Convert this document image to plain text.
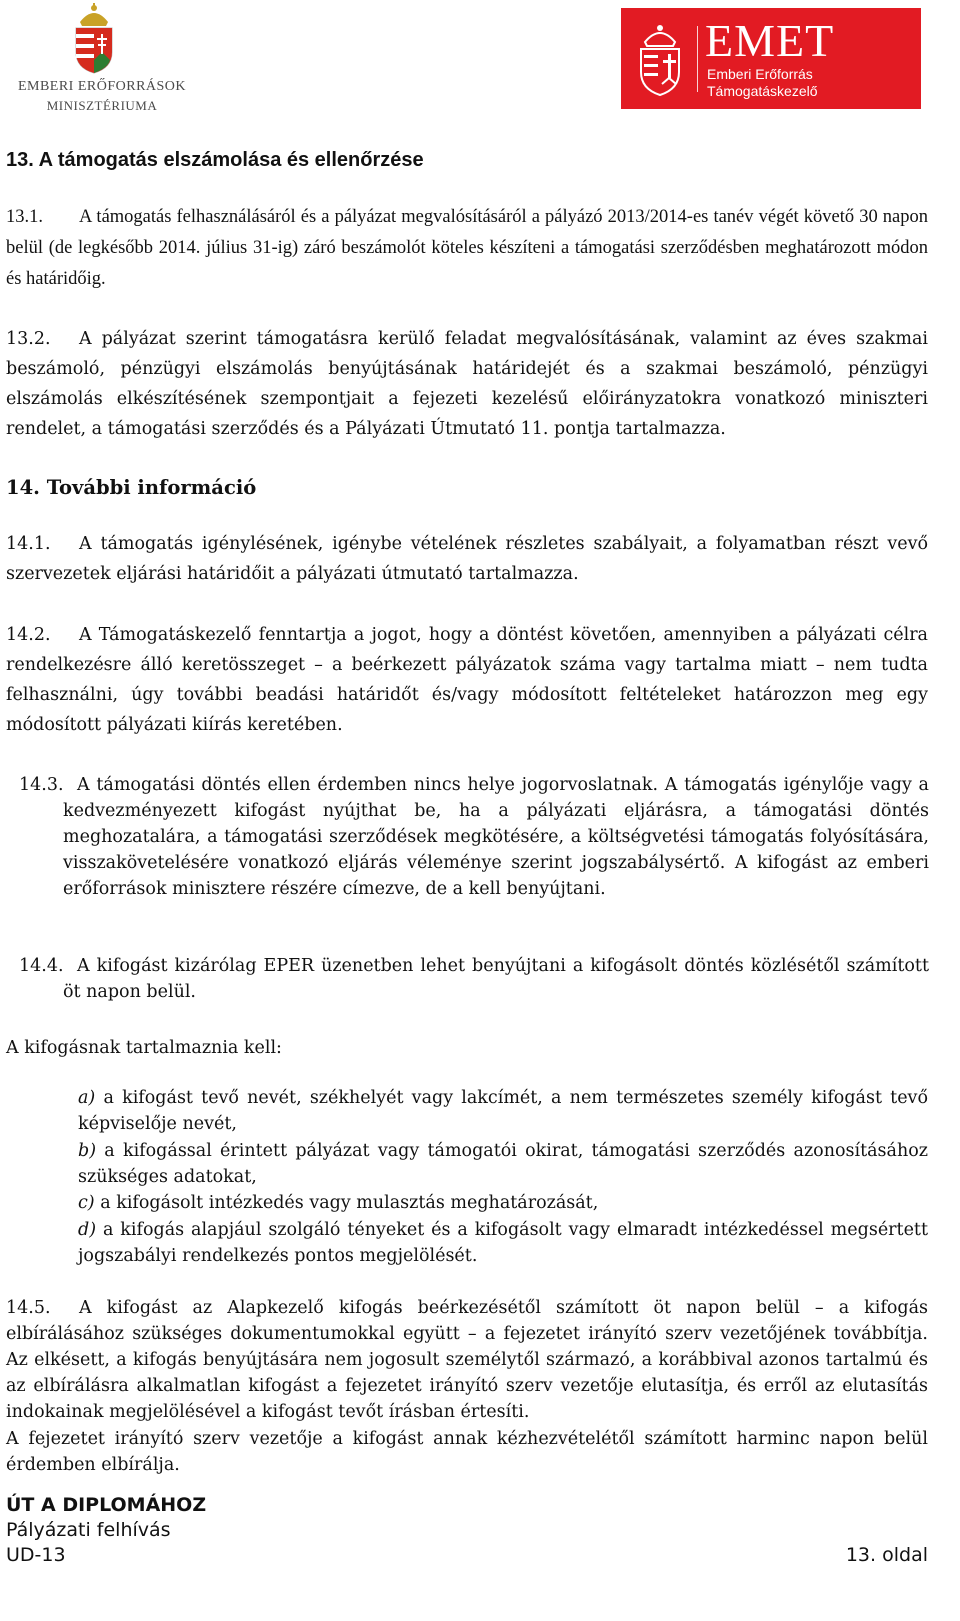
EMBERI ERŐFORRÁSOK
MINISZTÉRIUMA
EMET
Emberi Erőforrás
Támogatáskezelő
13. A támogatás elszámolása és ellenőrzése
13.1. A támogatás felhasználásáról és a pályázat megvalósításáról a pályázó 2013/2014-es tanév végét követő 30 napon belül (de legkésőbb 2014. július 31-ig) záró beszámolót köteles készíteni a támogatási szerződésben meghatározott módon és határidőig.
13.2. A pályázat szerint támogatásra kerülő feladat megvalósításának, valamint az éves szakmai beszámoló, pénzügyi elszámolás benyújtásának határidejét és a szakmai beszámoló, pénzügyi elszámolás elkészítésének szempontjait a fejezeti kezelésű előirányzatokra vonatkozó miniszteri rendelet, a támogatási szerződés és a Pályázati Útmutató 11. pontja tartalmazza.
14. További információ
14.1. A támogatás igénylésének, igénybe vételének részletes szabályait, a folyamatban részt vevő szervezetek eljárási határidőit a pályázati útmutató tartalmazza.
14.2. A Támogatáskezelő fenntartja a jogot, hogy a döntést követően, amennyiben a pályázati célra rendelkezésre álló keretösszeget – a beérkezett pályázatok száma vagy tartalma miatt – nem tudta felhasználni, úgy további beadási határidőt és/vagy módosított feltételeket határozzon meg egy módosított pályázati kiírás keretében.
14.3. A támogatási döntés ellen érdemben nincs helye jogorvoslatnak. A támogatás igénylője vagy a kedvezményezett kifogást nyújthat be, ha a pályázati eljárásra, a támogatási döntés meghozatalára, a támogatási szerződések megkötésére, a költségvetési támogatás folyósítására, visszakövetelésére vonatkozó eljárás véleménye szerint jogszabálysértő. A kifogást az emberi erőforrások minisztere részére címezve, de a kell benyújtani.
14.4. A kifogást kizárólag EPER üzenetben lehet benyújtani a kifogásolt döntés közlésétől számított öt napon belül.
A kifogásnak tartalmaznia kell:
a) a kifogást tevő nevét, székhelyét vagy lakcímét, a nem természetes személy kifogást tevő képviselője nevét,
b) a kifogással érintett pályázat vagy támogatói okirat, támogatási szerződés azonosításához szükséges adatokat,
c) a kifogásolt intézkedés vagy mulasztás meghatározását,
d) a kifogás alapjául szolgáló tényeket és a kifogásolt vagy elmaradt intézkedéssel megsértett jogszabályi rendelkezés pontos megjelölését.
14.5. A kifogást az Alapkezelő kifogás beérkezésétől számított öt napon belül – a kifogás elbírálásához szükséges dokumentumokkal együtt – a fejezetet irányító szerv vezetőjének továbbítja. Az elkésett, a kifogás benyújtására nem jogosult személytől származó, a korábbival azonos tartalmú és az elbírálásra alkalmatlan kifogást a fejezetet irányító szerv vezetője elutasítja, és erről az elutasítás indokainak megjelölésével a kifogást tevőt írásban értesíti.
A fejezetet irányító szerv vezetője a kifogást annak kézhezvételétől számított harminc napon belül érdemben elbírálja.
ÚT A DIPLOMÁHOZ
Pályázati felhívás
UD-13	13. oldal
